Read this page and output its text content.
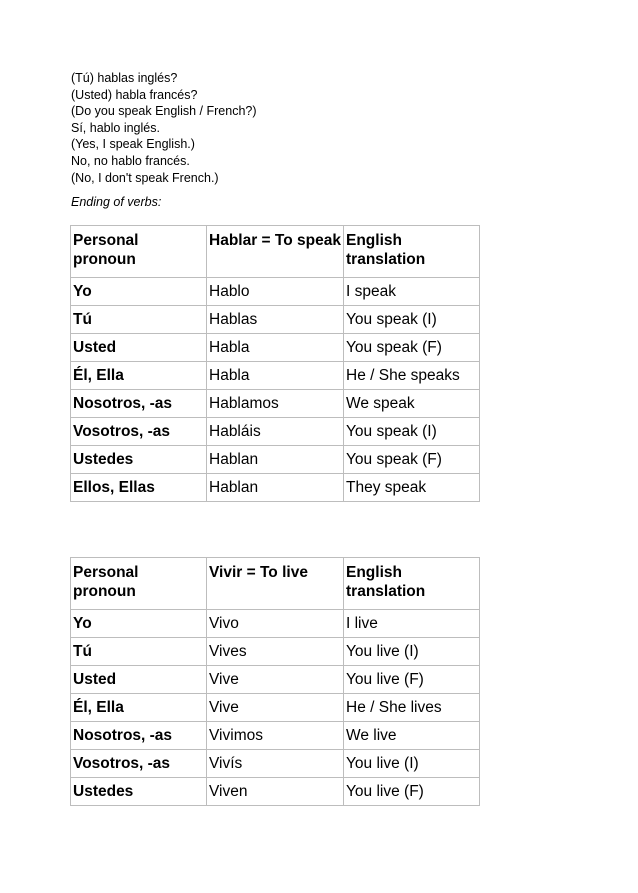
(Tú) hablas inglés?
(Usted) habla francés?
(Do you speak English / French?)
Sí, hablo inglés.
(Yes, I speak English.)
No, no hablo francés.
(No, I don't speak French.)
Ending of verbs:
Personal pronoun	Hablar = To speak	English translation
Yo	Hablo	I speak
Tú	Hablas	You speak (I)
Usted	Habla	You speak (F)
Él, Ella	Habla	He / She speaks
Nosotros, -as	Hablamos	We speak
Vosotros, -as	Habláis	You speak (I)
Ustedes	Hablan	You speak (F)
Ellos, Ellas	Hablan	They speak
Personal pronoun	Vivir = To live	English translation
Yo	Vivo	I live
Tú	Vives	You live (I)
Usted	Vive	You live (F)
Él, Ella	Vive	He / She lives
Nosotros, -as	Vivimos	We live
Vosotros, -as	Vivís	You live (I)
Ustedes	Viven	You live (F)
